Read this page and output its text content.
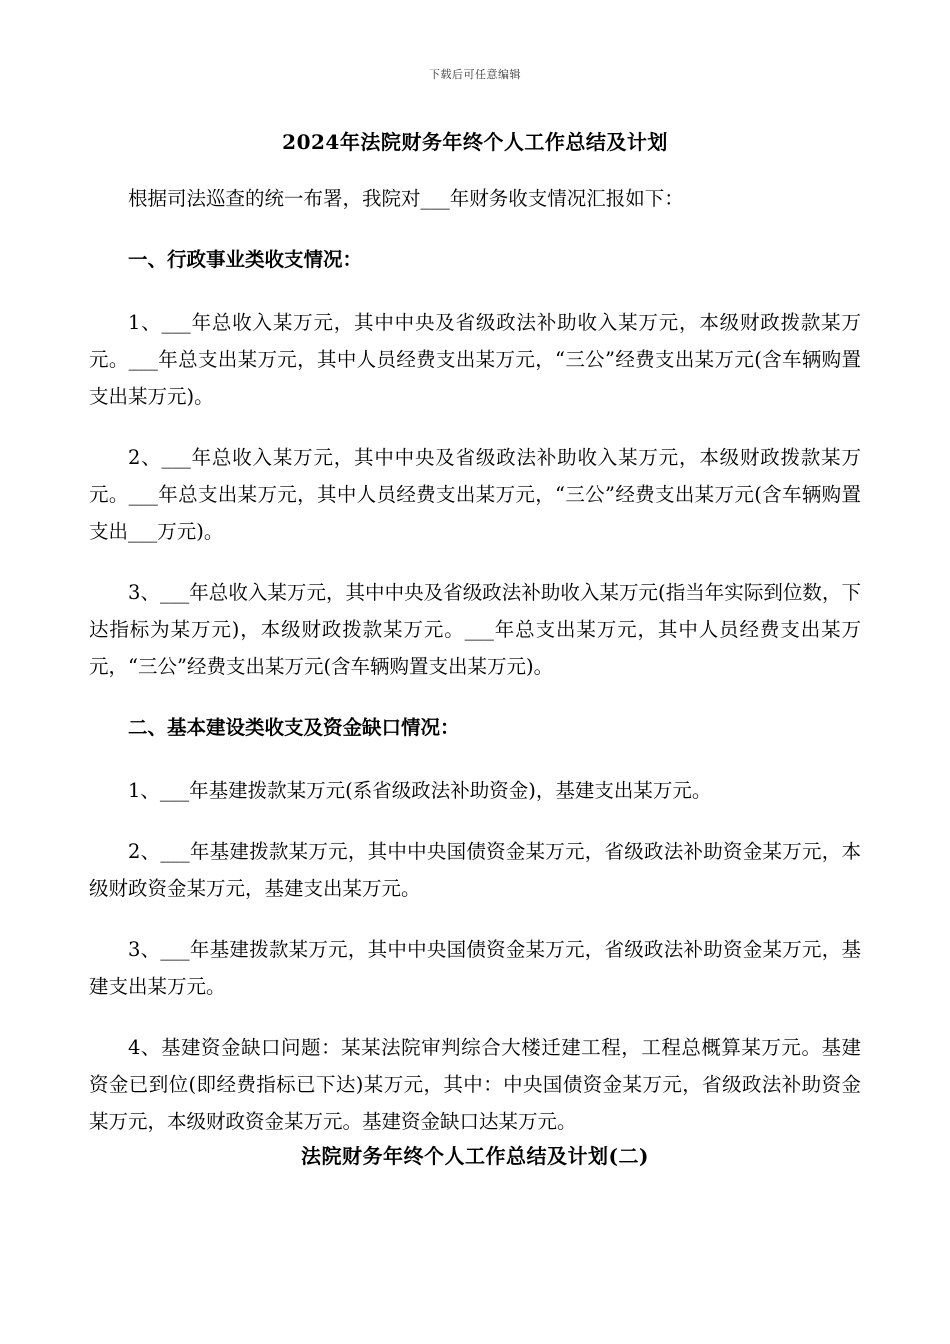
下载后可任意编辑
2024年法院财务年终个人工作总结及计划

根据司法巡查的统一布署，我院对___年财务收支情况汇报如下：

一、行政事业类收支情况：

1、___年总收入某万元，其中中央及省级政法补助收入某万元，本级财政拨款某万元。___年总支出某万元，其中人员经费支出某万元，“三公”经费支出某万元(含车辆购置支出某万元)。

2、___年总收入某万元，其中中央及省级政法补助收入某万元，本级财政拨款某万元。___年总支出某万元，其中人员经费支出某万元，“三公”经费支出某万元(含车辆购置支出___万元)。

3、___年总收入某万元，其中中央及省级政法补助收入某万元(指当年实际到位数，下达指标为某万元)，本级财政拨款某万元。___年总支出某万元，其中人员经费支出某万元，“三公”经费支出某万元(含车辆购置支出某万元)。

二、基本建设类收支及资金缺口情况：

1、___年基建拨款某万元(系省级政法补助资金)，基建支出某万元。

2、___年基建拨款某万元，其中中央国债资金某万元，省级政法补助资金某万元，本级财政资金某万元，基建支出某万元。

3、___年基建拨款某万元，其中中央国债资金某万元，省级政法补助资金某万元，基建支出某万元。

4、基建资金缺口问题：某某法院审判综合大楼迁建工程，工程总概算某万元。基建资金已到位(即经费指标已下达)某万元，其中：中央国债资金某万元，省级政法补助资金某万元，本级财政资金某万元。基建资金缺口达某万元。

法院财务年终个人工作总结及计划(二)
